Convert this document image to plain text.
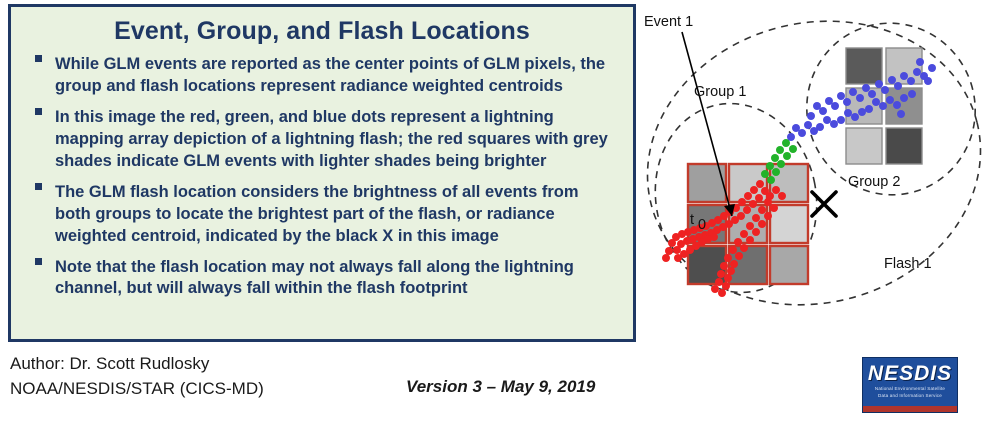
Event, Group, and Flash Locations
While GLM events are reported as the center points of GLM pixels, the group and flash locations represent radiance weighted centroids
In this image the red, green, and blue dots represent a lightning mapping array depiction of a lightning flash; the red squares with grey shades indicate GLM events with lighter shades being brighter
The GLM flash location considers the brightness of all events from both groups to locate the brightest part of the flash, or radiance weighted centroid, indicated by the black X in this image
Note that the flash location may not always fall along the lightning channel, but will always fall within the flash footprint
Author: Dr. Scott Rudlosky
NOAA/NESDIS/STAR (CICS-MD)	Version 3 – May 9, 2019
NESDIS
National Environmental Satellite
Data and Information Service
Event 1
Group 1
Group 2
Flash 1
t 0
